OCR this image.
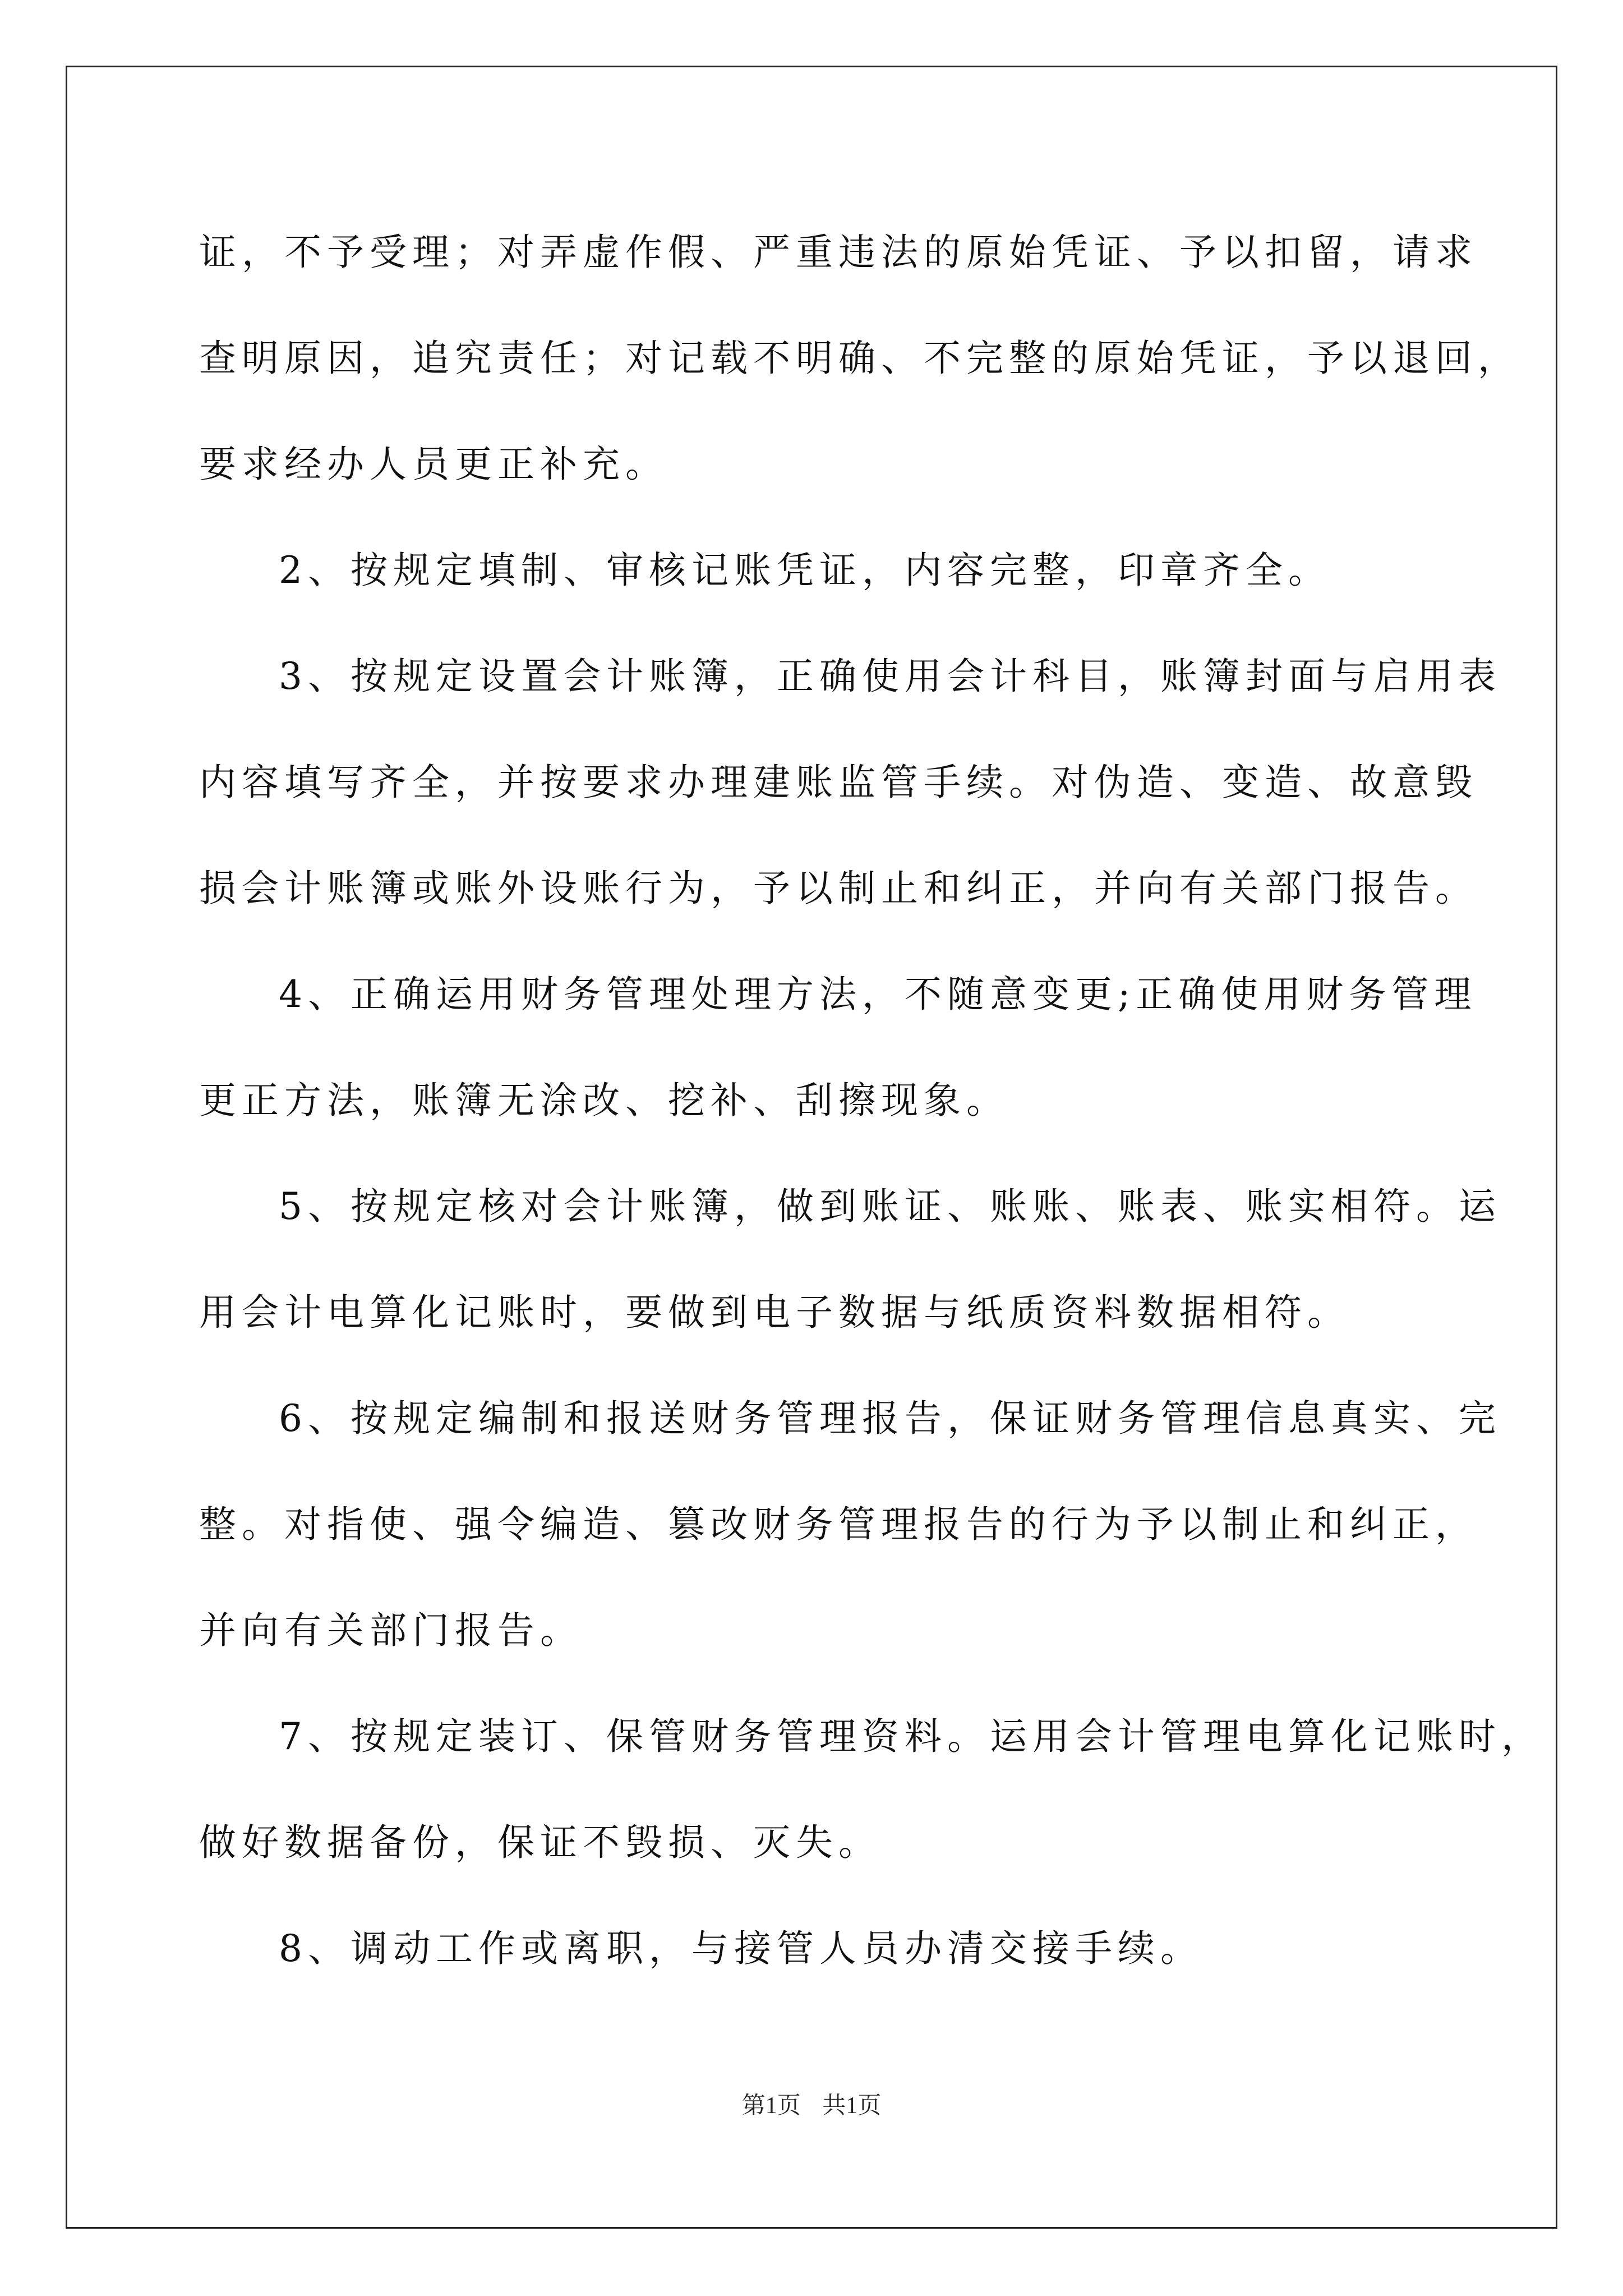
证，不予受理；对弄虚作假、严重违法的原始凭证、予以扣留，请求
查明原因，追究责任；对记载不明确、不完整的原始凭证，予以退回，
要求经办人员更正补充。

2、按规定填制、审核记账凭证，内容完整，印章齐全。

3、按规定设置会计账簿，正确使用会计科目，账簿封面与启用表
内容填写齐全，并按要求办理建账监管手续。对伪造、变造、故意毁
损会计账簿或账外设账行为，予以制止和纠正，并向有关部门报告。

4、正确运用财务管理处理方法，不随意变更;正确使用财务管理
更正方法，账簿无涂改、挖补、刮擦现象。

5、按规定核对会计账簿，做到账证、账账、账表、账实相符。运
用会计电算化记账时，要做到电子数据与纸质资料数据相符。

6、按规定编制和报送财务管理报告，保证财务管理信息真实、完
整。对指使、强令编造、篡改财务管理报告的行为予以制止和纠正，
并向有关部门报告。

7、按规定装订、保管财务管理资料。运用会计管理电算化记账时，
做好数据备份，保证不毁损、灭失。

8、调动工作或离职，与接管人员办清交接手续。

第1页 共1页
